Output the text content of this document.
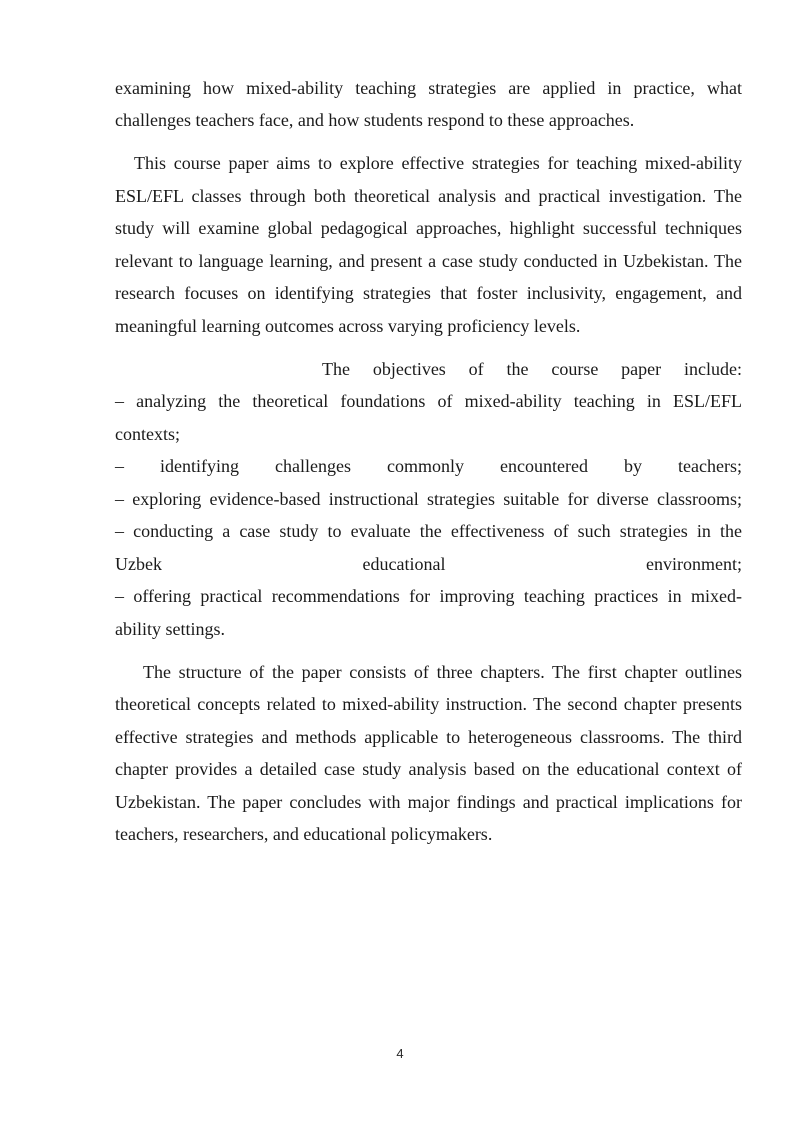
examining how mixed-ability teaching strategies are applied in practice, what

challenges teachers face, and how students respond to these approaches.

This course paper aims to explore effective strategies for teaching mixed-ability

ESL/EFL classes through both theoretical analysis and practical investigation. The

study will examine global pedagogical approaches, highlight successful techniques

relevant to language learning, and present a case study conducted in Uzbekistan. The

research focuses on identifying strategies that foster inclusivity, engagement, and

meaningful learning outcomes across varying proficiency levels.

The objectives of the course paper include:

– analyzing the theoretical foundations of mixed-ability teaching in ESL/EFL

contexts;

– identifying challenges commonly encountered by teachers;

– exploring evidence-based instructional strategies suitable for diverse classrooms;

– conducting a case study to evaluate the effectiveness of such strategies in the

Uzbek educational environment;

– offering practical recommendations for improving teaching practices in mixed-

ability settings.

The structure of the paper consists of three chapters. The first chapter outlines

theoretical concepts related to mixed-ability instruction. The second chapter presents

effective strategies and methods applicable to heterogeneous classrooms. The third

chapter provides a detailed case study analysis based on the educational context of

Uzbekistan. The paper concludes with major findings and practical implications for

teachers, researchers, and educational policymakers.

4
